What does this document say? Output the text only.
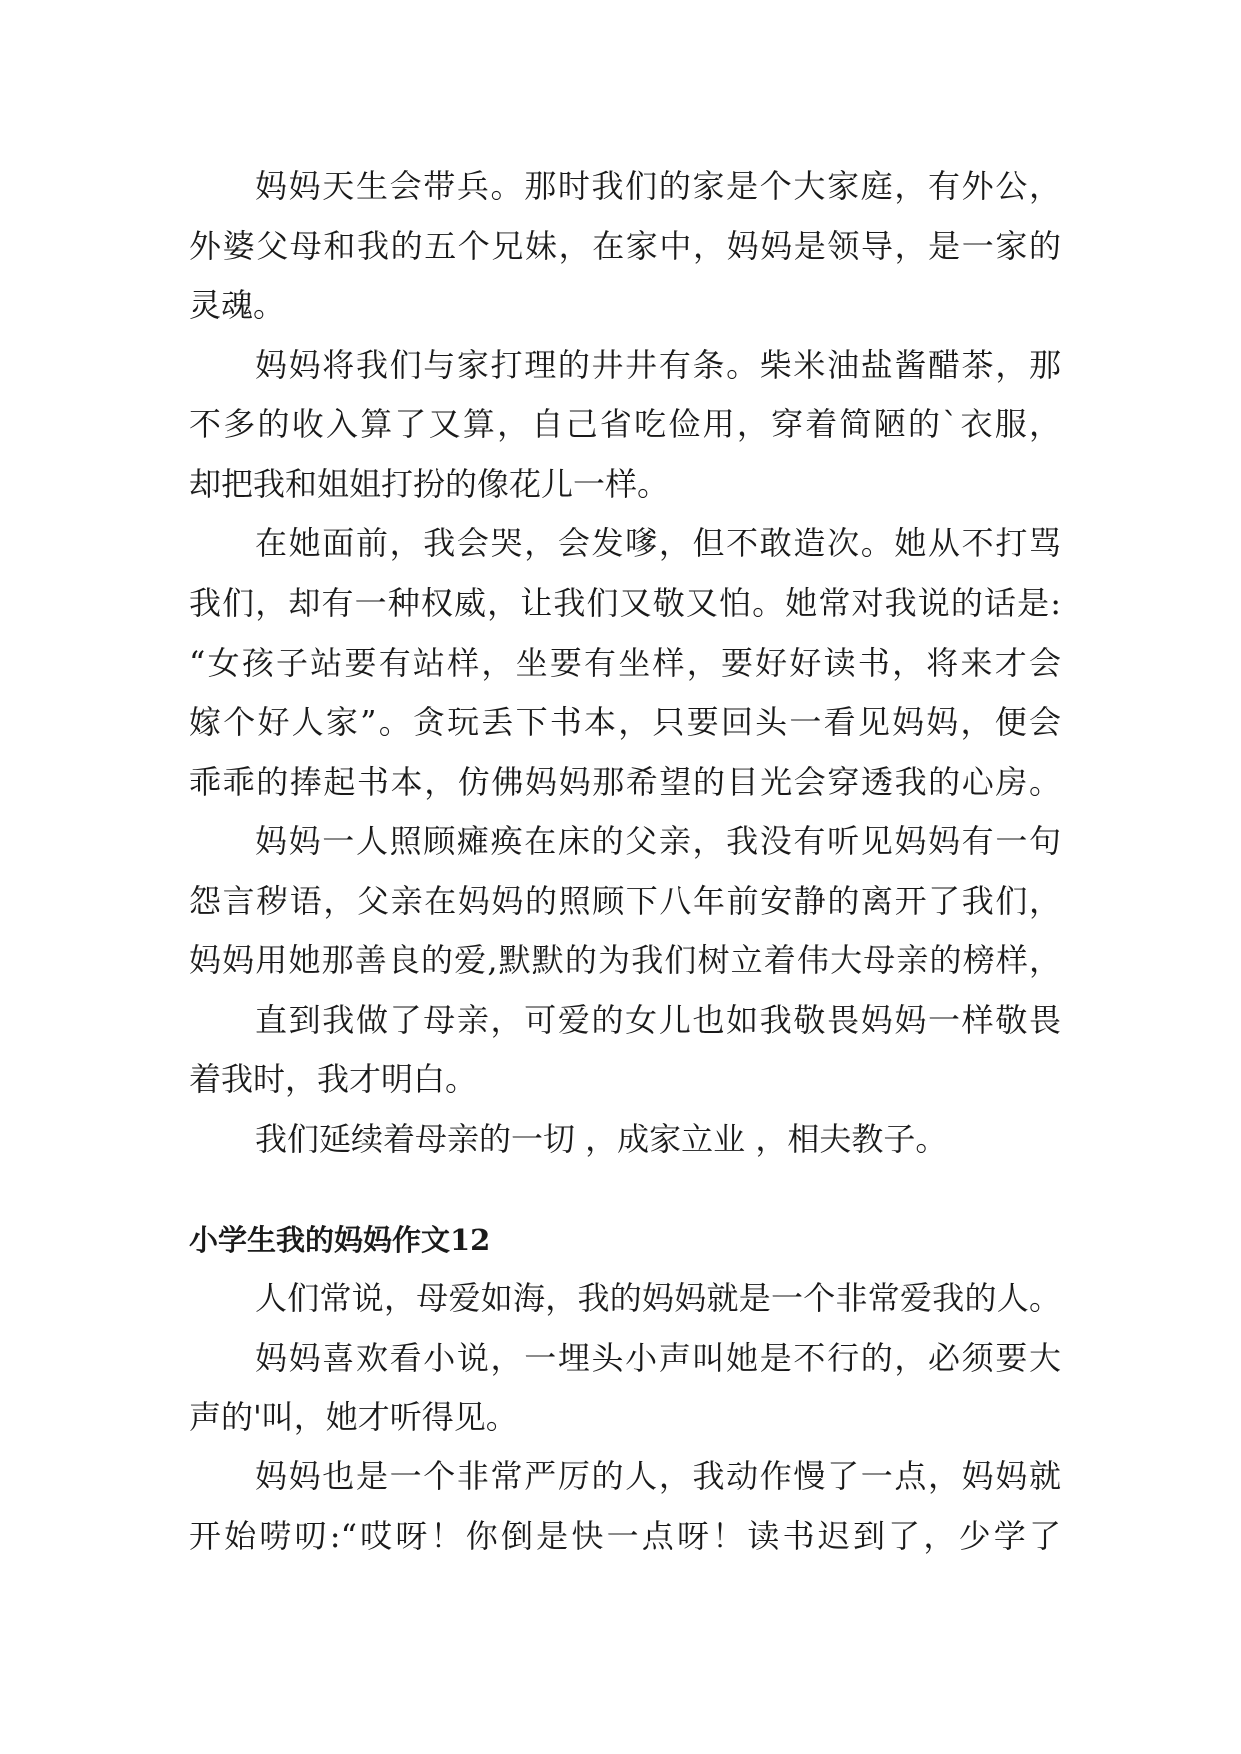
妈妈天生会带兵。那时我们的家是个大家庭，有外公，

外婆父母和我的五个兄妹，在家中，妈妈是领导，是一家的

灵魂。

妈妈将我们与家打理的井井有条。柴米油盐酱醋茶，那

不多的收入算了又算，自己省吃俭用，穿着简陋的`衣服，

却把我和姐姐打扮的像花儿一样。

在她面前，我会哭，会发嗲，但不敢造次。她从不打骂

我们，却有一种权威，让我们又敬又怕。她常对我说的话是:

“女孩子站要有站样，坐要有坐样，要好好读书，将来才会

嫁个好人家”。贪玩丢下书本，只要回头一看见妈妈，便会

乖乖的捧起书本，仿佛妈妈那希望的目光会穿透我的心房。

妈妈一人照顾瘫痪在床的父亲，我没有听见妈妈有一句

怨言秽语，父亲在妈妈的照顾下八年前安静的离开了我们，

妈妈用她那善良的爱,默默的为我们树立着伟大母亲的榜样，

直到我做了母亲，可爱的女儿也如我敬畏妈妈一样敬畏

着我时，我才明白。

我们延续着母亲的一切 ，成家立业 ，相夫教子。

小学生我的妈妈作文12

人们常说，母爱如海，我的妈妈就是一个非常爱我的人。

妈妈喜欢看小说，一埋头小声叫她是不行的，必须要大

声的'叫，她才听得见。

妈妈也是一个非常严厉的人，我动作慢了一点，妈妈就

开始唠叨:“哎呀！你倒是快一点呀！读书迟到了，少学了
